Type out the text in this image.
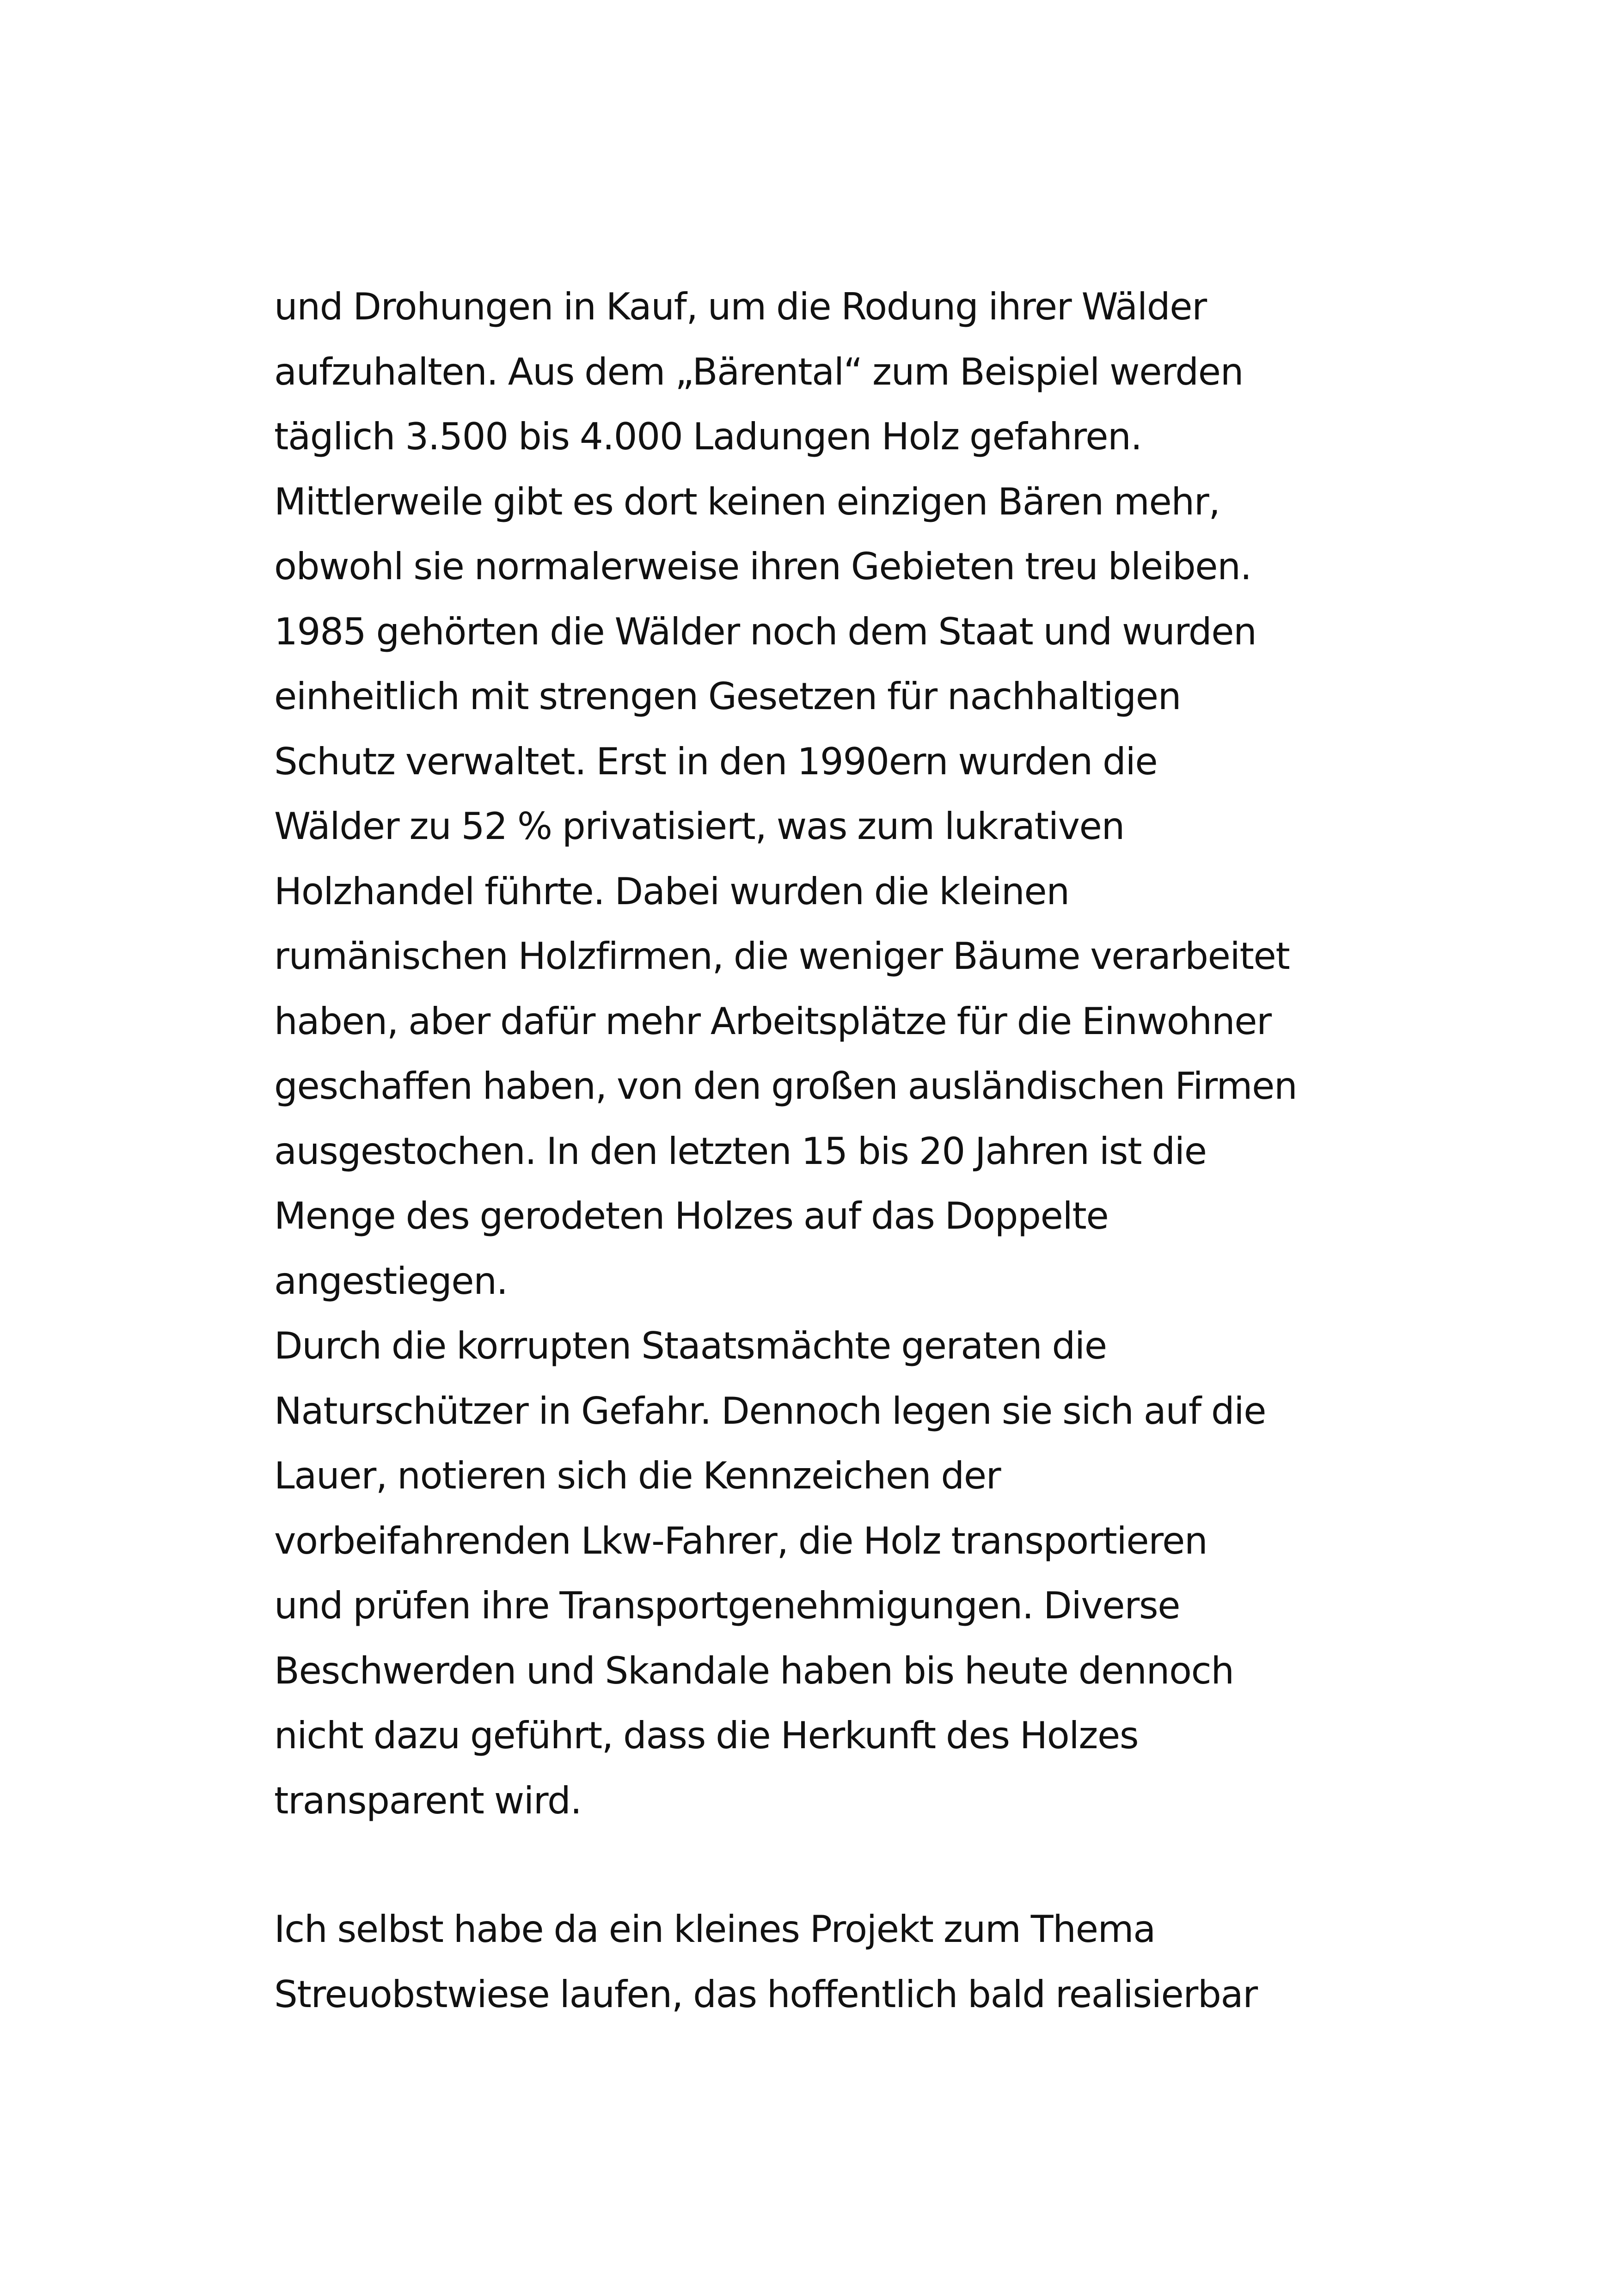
und Drohungen in Kauf, um die Rodung ihrer Wälder
aufzuhalten. Aus dem „Bärental“ zum Beispiel werden
täglich 3.500 bis 4.000 Ladungen Holz gefahren.
Mittlerweile gibt es dort keinen einzigen Bären mehr,
obwohl sie normalerweise ihren Gebieten treu bleiben.
1985 gehörten die Wälder noch dem Staat und wurden
einheitlich mit strengen Gesetzen für nachhaltigen
Schutz verwaltet. Erst in den 1990ern wurden die
Wälder zu 52 % privatisiert, was zum lukrativen
Holzhandel führte. Dabei wurden die kleinen
rumänischen Holzfirmen, die weniger Bäume verarbeitet
haben, aber dafür mehr Arbeitsplätze für die Einwohner
geschaffen haben, von den großen ausländischen Firmen
ausgestochen. In den letzten 15 bis 20 Jahren ist die
Menge des gerodeten Holzes auf das Doppelte
angestiegen.
Durch die korrupten Staatsmächte geraten die
Naturschützer in Gefahr. Dennoch legen sie sich auf die
Lauer, notieren sich die Kennzeichen der
vorbeifahrenden Lkw-Fahrer, die Holz transportieren
und prüfen ihre Transportgenehmigungen. Diverse
Beschwerden und Skandale haben bis heute dennoch
nicht dazu geführt, dass die Herkunft des Holzes
transparent wird.
Ich selbst habe da ein kleines Projekt zum Thema
Streuobstwiese laufen, das hoffentlich bald realisierbar
